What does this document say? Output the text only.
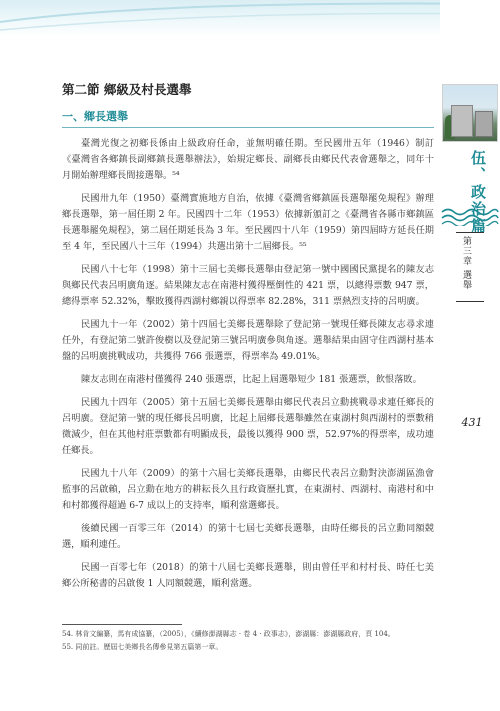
伍、政治篇
第三章 選舉
431

第二節 鄉級及村長選舉

一、鄉長選舉

臺灣光復之初鄉長係由上級政府任命，並無明確任期。至民國卅五年（1946）制訂《臺灣省各鄉鎮長副鄉鎮長選舉辦法》，始規定鄉長、副鄉長由鄉民代表會選舉之，同年十月開始辦理鄉長間接選舉。⁵⁴

民國卅九年（1950）臺灣實施地方自治，依據《臺灣省鄉鎮區長選舉罷免規程》辦理鄉長選舉，第一屆任期 2 年。民國四十二年（1953）依據新頒訂之《臺灣省各縣市鄉鎮區長選舉罷免規程》，第二屆任期延長為 3 年。至民國四十八年（1959）第四屆時方延長任期至 4 年，至民國八十三年（1994）共選出第十二屆鄉長。⁵⁵

民國八十七年（1998）第十三屆七美鄉長選舉由登記第一號中國國民黨提名的陳友志與鄉民代表呂明廣角逐。結果陳友志在南港村獲得壓倒性的 421 票，以總得票數 947 票，總得票率 52.32%，擊敗獲得西湖村鄉親以得票率 82.28%，311 票熱烈支持的呂明廣。

民國九十一年（2002）第十四屆七美鄉長選舉除了登記第一號現任鄉長陳友志尋求連任外，有登記第二號許俊樹以及登記第三號呂明廣參與角逐。選舉結果由固守住西湖村基本盤的呂明廣挑戰成功，共獲得 766 張選票，得票率為 49.01%。

陳友志則在南港村僅獲得 240 張選票，比起上屆選舉短少 181 張選票，飲恨落敗。

民國九十四年（2005）第十五屆七美鄉長選舉由鄉民代表呂立勳挑戰尋求連任鄉長的呂明廣。登記第一號的現任鄉長呂明廣，比起上屆鄉長選舉雖然在東湖村與西湖村的票數稍微減少，但在其他村莊票數都有明顯成長，最後以獲得 900 票，52.97%的得票率，成功連任鄉長。

民國九十八年（2009）的第十六屆七美鄉長選舉，由鄉民代表呂立勳對決澎湖區漁會監事的呂啟賴，呂立勳在地方的耕耘長久且行政資歷扎實，在東湖村、西湖村、南港村和中和村都獲得超過 6-7 成以上的支持率，順利當選鄉長。

後續民國一百零三年（2014）的第十七屆七美鄉長選舉，由時任鄉長的呂立勳同額競選，順利連任。

民國一百零七年（2018）的第十八屆七美鄉長選舉，則由曾任平和村村長、時任七美鄉公所秘書的呂啟俊 1 人同額競選，順利當選。

54. 林肯文編纂，馬有成協纂，（2005），《續修澎湖縣志 · 卷 4 · 政事志》，澎湖縣：澎湖縣政府，頁 104。

55. 同前註。歷屆七美鄉長名傳參見第五篇第一章。
